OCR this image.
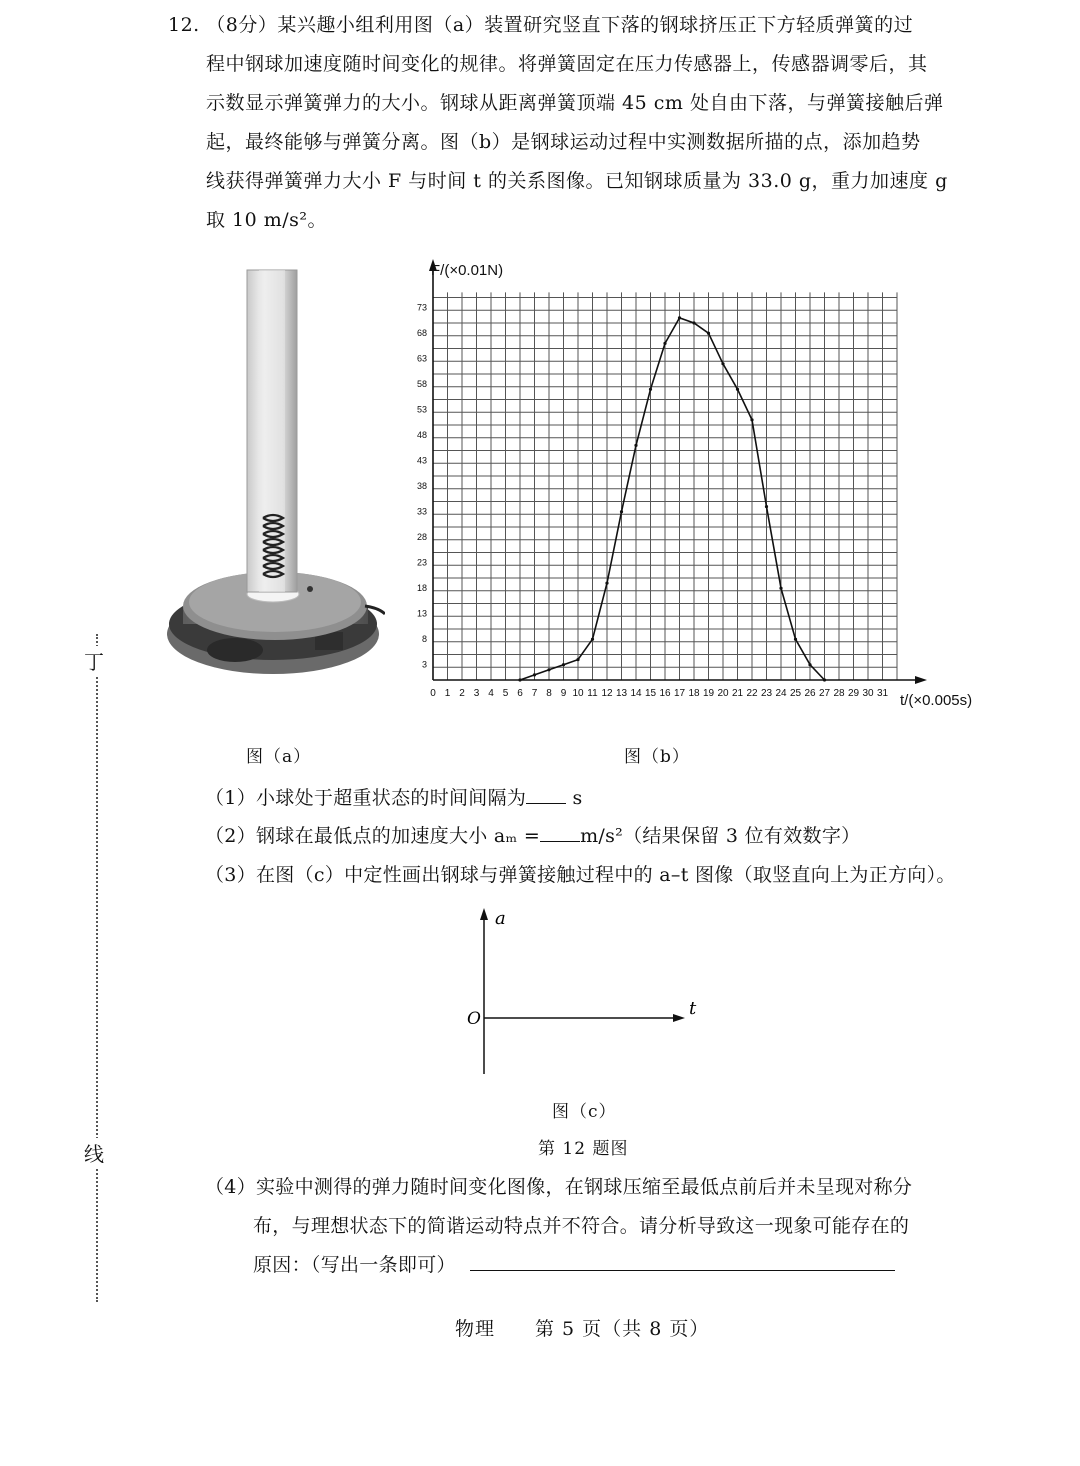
12. （8分）某兴趣小组利用图（a）装置研究竖直下落的钢球挤压正下方轻质弹簧的过
程中钢球加速度随时间变化的规律。将弹簧固定在压力传感器上，传感器调零后，其
示数显示弹簧弹力的大小。钢球从距离弹簧顶端 45 cm 处自由下落，与弹簧接触后弹
起，最终能够与弹簧分离。图（b）是钢球运动过程中实测数据所描的点，添加趋势
线获得弹簧弹力大小 F 与时间 t 的关系图像。已知钢球质量为 33.0 g，重力加速度 g
取 10 m/s²。
丁
线
0 1 2 3 4 5 6 7 8 9 10 11 12 13 14 15 16 17 18 19 20 21 22 23 24 25 26 27 28 29 30 31
3
8
13
18
23
28
33
38
43
48
53
58
63
68
73
F/(×0.01N)
t/(×0.005s)
图（a）	图（b）
（1）小球处于超重状态的时间间隔为 s
（2）钢球在最低点的加速度大小 aₘ = m/s²（结果保留 3 位有效数字）
（3）在图（c）中定性画出钢球与弹簧接触过程中的 a–t 图像（取竖直向上为正方向）。
a
t
O
图（c）
第 12 题图
（4）实验中测得的弹力随时间变化图像，在钢球压缩至最低点前后并未呈现对称分
布，与理想状态下的简谐运动特点并不符合。请分析导致这一现象可能存在的
原因：（写出一条即可）
物理　　第 5 页（共 8 页）
